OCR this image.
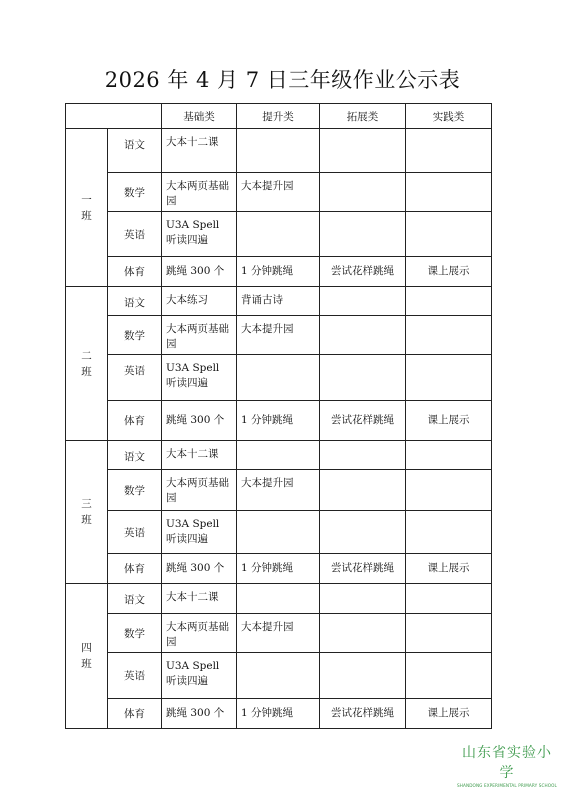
2026 年 4 月 7 日三年级作业公示表
		基础类	提升类	拓展类	实践类

一
班	语文	大本十二课			
	数学	大本两页基础园	大本提升园		
	英语	U3A Spell 听读四遍			
	体育	跳绳 300 个	1 分钟跳绳	尝试花样跳绳	课上展示

二
班	语文	大本练习	背诵古诗		
	数学	大本两页基础园	大本提升园		
	英语	U3A Spell 听读四遍			
	体育	跳绳 300 个	1 分钟跳绳	尝试花样跳绳	课上展示

三
班	语文	大本十二课			
	数学	大本两页基础园	大本提升园		
	英语	U3A Spell 听读四遍			
	体育	跳绳 300 个	1 分钟跳绳	尝试花样跳绳	课上展示

四
班	语文	大本十二课			
	数学	大本两页基础园	大本提升园		
	英语	U3A Spell 听读四遍			
	体育	跳绳 300 个	1 分钟跳绳	尝试花样跳绳	课上展示
山东省实验小学
SHANDONG EXPERIMENTAL PRIMARY SCHOOL
